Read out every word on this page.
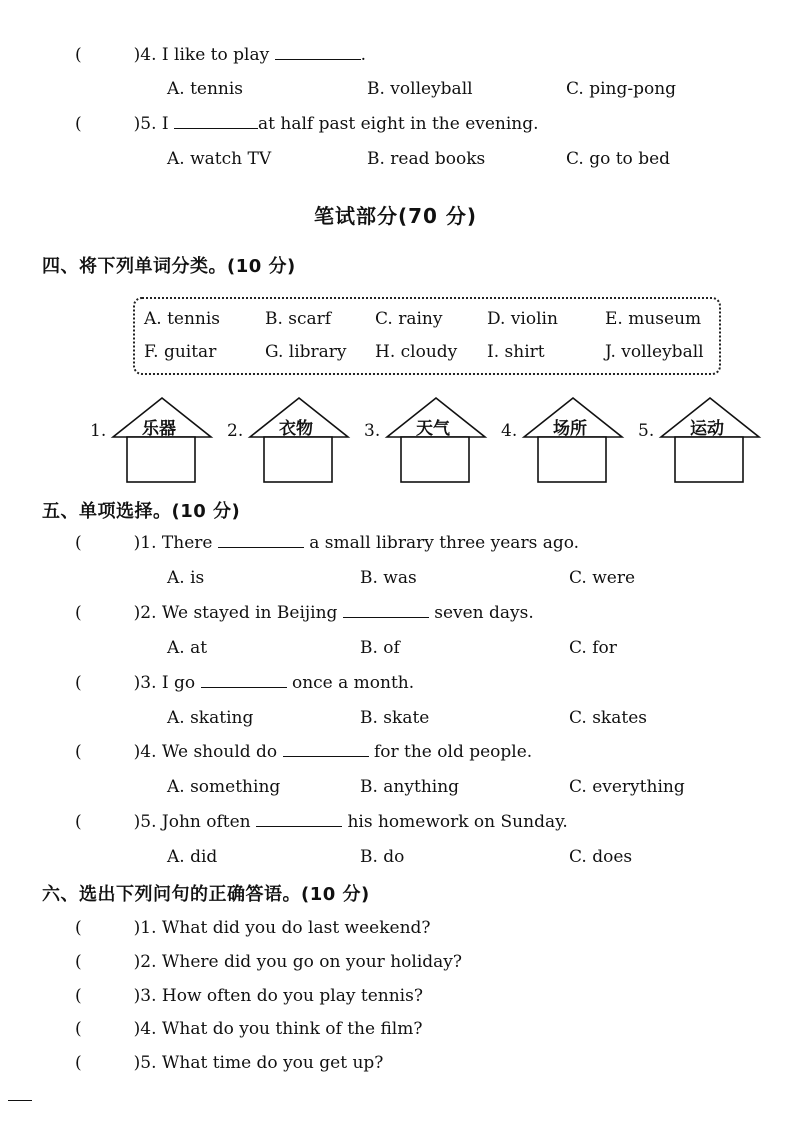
(	)4. I like to play	.
A. tennis	B. volleyball	C. ping-pong
(	)5. I	at half past eight in the evening.
A. watch TV	B. read books	C. go to bed
笔试部分(70 分)
四、将下列单词分类。(10 分)
A. tennis	B. scarf	C. rainy	D. violin	E. museum
F. guitar	G. library H. cloudy I. shirt	J. volleyball
1. 乐器	2. 衣物	3. 天气	4. 场所	5. 运动
五、单项选择。(10 分)
(	)1. There	a small library three years ago.
A. is	B. was	C. were
(	)2. We stayed in Beijing	seven days.
A. at	B. of	C. for
(	)3. I go	once a month.
A. skating	B. skate	C. skates
(	)4. We should do	for the old people.
A. something	B. anything	C. everything
(	)5. John often	his homework on Sunday.
A. did	B. do	C. does
六、选出下列问句的正确答语。(10 分)
(	)1. What did you do last weekend?
(	)2. Where did you go on your holiday?
(	)3. How often do you play tennis?
(	)4. What do you think of the film?
(	)5. What time do you get up?
